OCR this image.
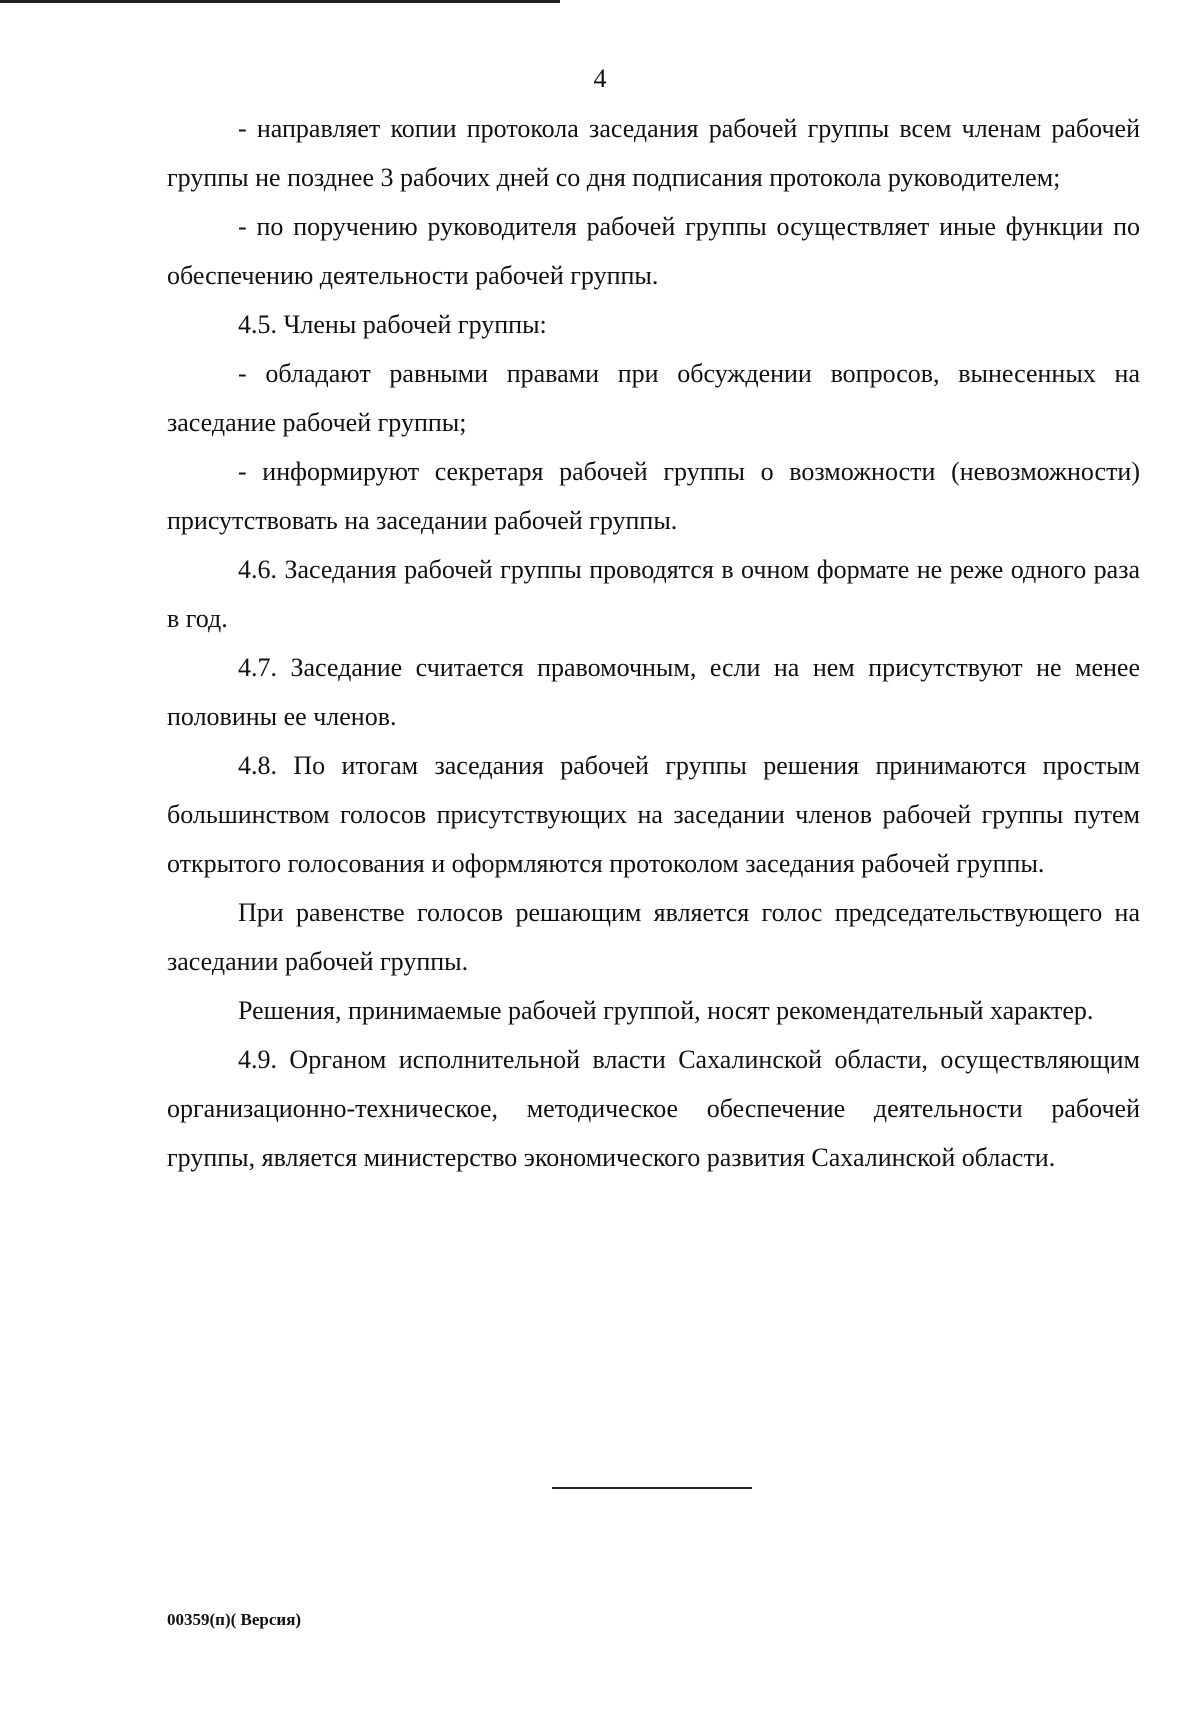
4

- направляет копии протокола заседания рабочей группы всем членам рабочей группы не позднее 3 рабочих дней со дня подписания протокола руководителем;

- по поручению руководителя рабочей группы осуществляет иные функции по обеспечению деятельности рабочей группы.

4.5. Члены рабочей группы:

- обладают равными правами при обсуждении вопросов, вынесенных на заседание рабочей группы;

- информируют секретаря рабочей группы о возможности (невозможности) присутствовать на заседании рабочей группы.

4.6. Заседания рабочей группы проводятся в очном формате не реже одного раза в год.

4.7. Заседание считается правомочным, если на нем присутствуют не менее половины ее членов.

4.8. По итогам заседания рабочей группы решения принимаются простым большинством голосов присутствующих на заседании членов рабочей группы путем открытого голосования и оформляются протоколом заседания рабочей группы.

При равенстве голосов решающим является голос председательствующего на заседании рабочей группы.

Решения, принимаемые рабочей группой, носят рекомендательный характер.

4.9. Органом исполнительной власти Сахалинской области, осуществляющим организационно-техническое, методическое обеспечение деятельности рабочей группы, является министерство экономического развития Сахалинской области.

00359(п)( Версия)
